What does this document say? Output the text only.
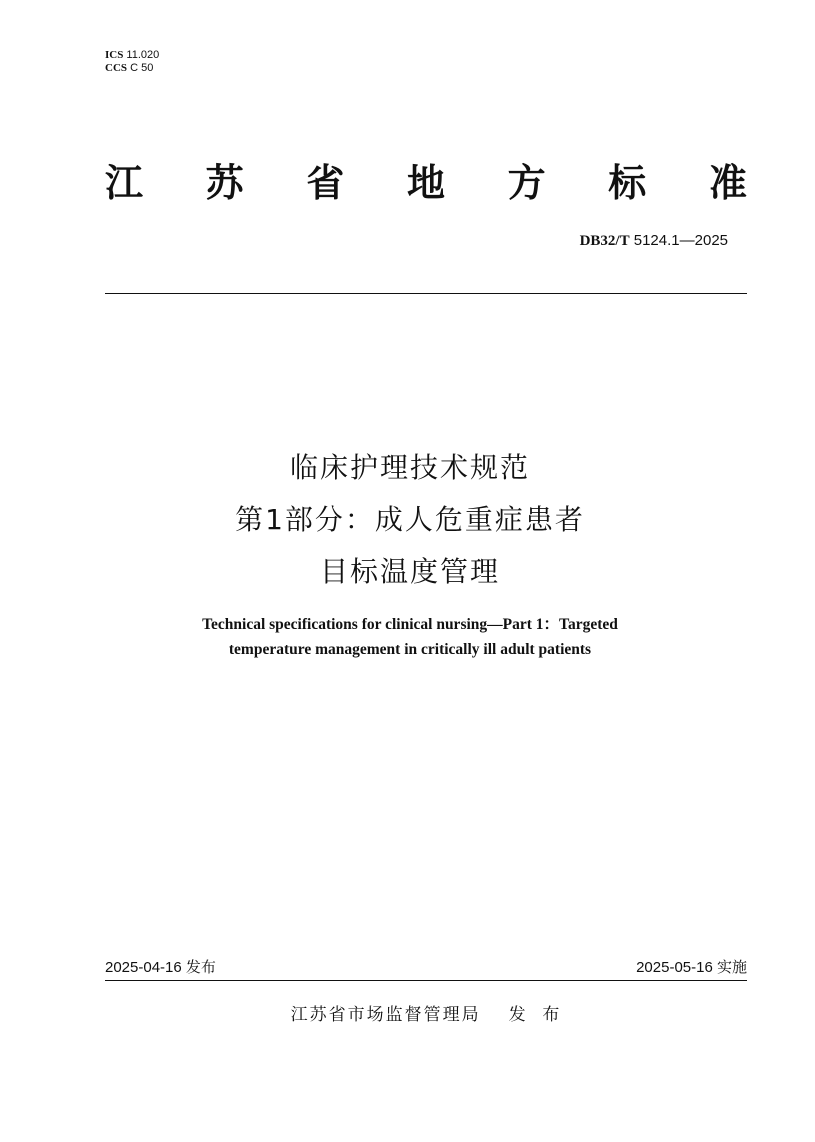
ICS 11.020
CCS C 50
江 苏 省 地 方 标 准
DB32/T 5124.1—2025
临床护理技术规范
第1部分：成人危重症患者
目标温度管理
Technical specifications for clinical nursing—Part 1：Targeted
temperature management in critically ill adult patients
2025-04-16 发布	2025-05-16 实施
江苏省市场监督管理局 发  布
